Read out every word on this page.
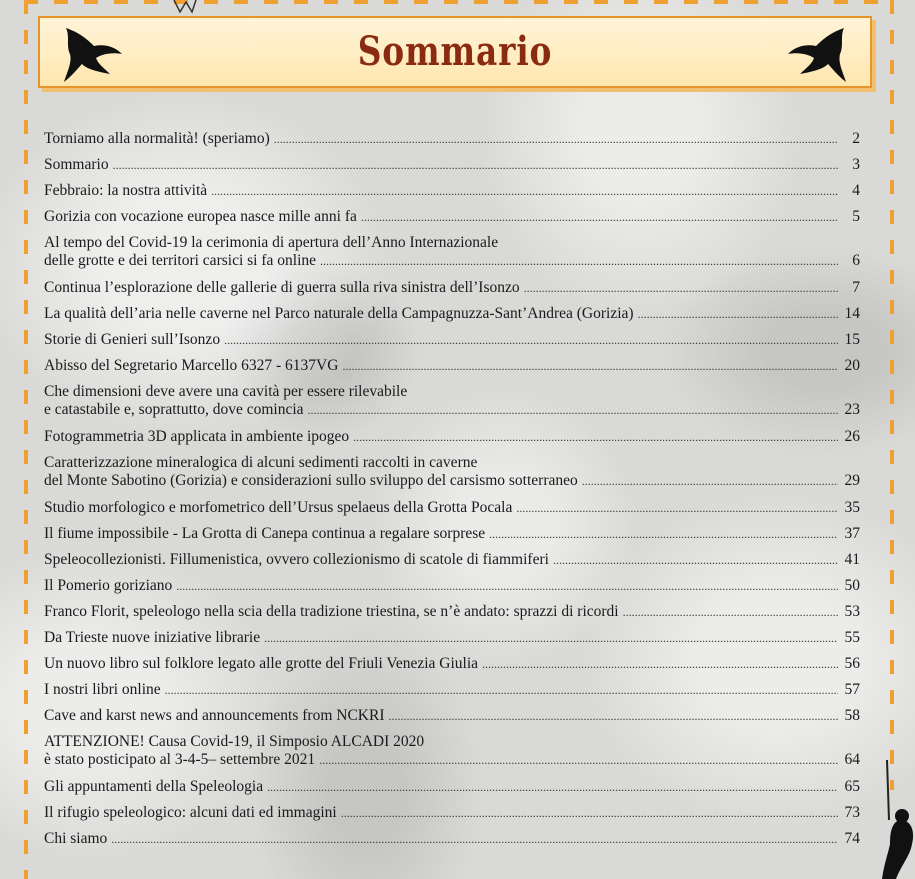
Sommario
Torniamo alla normalità! (speriamo) .....	2
Sommario .....	3
Febbraio: la nostra attività .....	4
Gorizia con vocazione europea nasce mille anni fa .....	5
Al tempo del Covid-19 la cerimonia di apertura dell’Anno Internazionale
delle grotte e dei territori carsici si fa online .....	6
Continua l’esplorazione delle gallerie di guerra sulla riva sinistra dell’Isonzo .....	7
La qualità dell’aria nelle caverne nel Parco naturale della Campagnuzza-Sant’Andrea (Gorizia) .....	14
Storie di Genieri sull’Isonzo .....	15
Abisso del Segretario Marcello 6327 - 6137VG .....	20
Che dimensioni deve avere una cavità per essere rilevabile
e catastabile e, soprattutto, dove comincia .....	23
Fotogrammetria 3D applicata in ambiente ipogeo .....	26
Caratterizzazione mineralogica di alcuni sedimenti raccolti in caverne
del Monte Sabotino (Gorizia) e considerazioni sullo sviluppo del carsismo sotterraneo .....	29
Studio morfologico e morfometrico dell’Ursus spelaeus della Grotta Pocala .....	35
Il fiume impossibile - La Grotta di Canepa continua a regalare sorprese .....	37
Speleocollezionisti. Fillumenistica, ovvero collezionismo di scatole di fiammiferi .....	41
Il Pomerio goriziano .....	50
Franco Florit, speleologo nella scia della tradizione triestina, se n’è andato: sprazzi di ricordi .....	53
Da Trieste nuove iniziative librarie .....	55
Un nuovo libro sul folklore legato alle grotte del Friuli Venezia Giulia .....	56
I nostri libri online .....	57
Cave and karst news and announcements from NCKRI .....	58
ATTENZIONE! Causa Covid-19, il Simposio ALCADI 2020
è stato posticipato al 3-4-5– settembre 2021 .....	64
Gli appuntamenti della Speleologia .....	65
Il rifugio speleologico: alcuni dati ed immagini .....	73
Chi siamo .....	74
